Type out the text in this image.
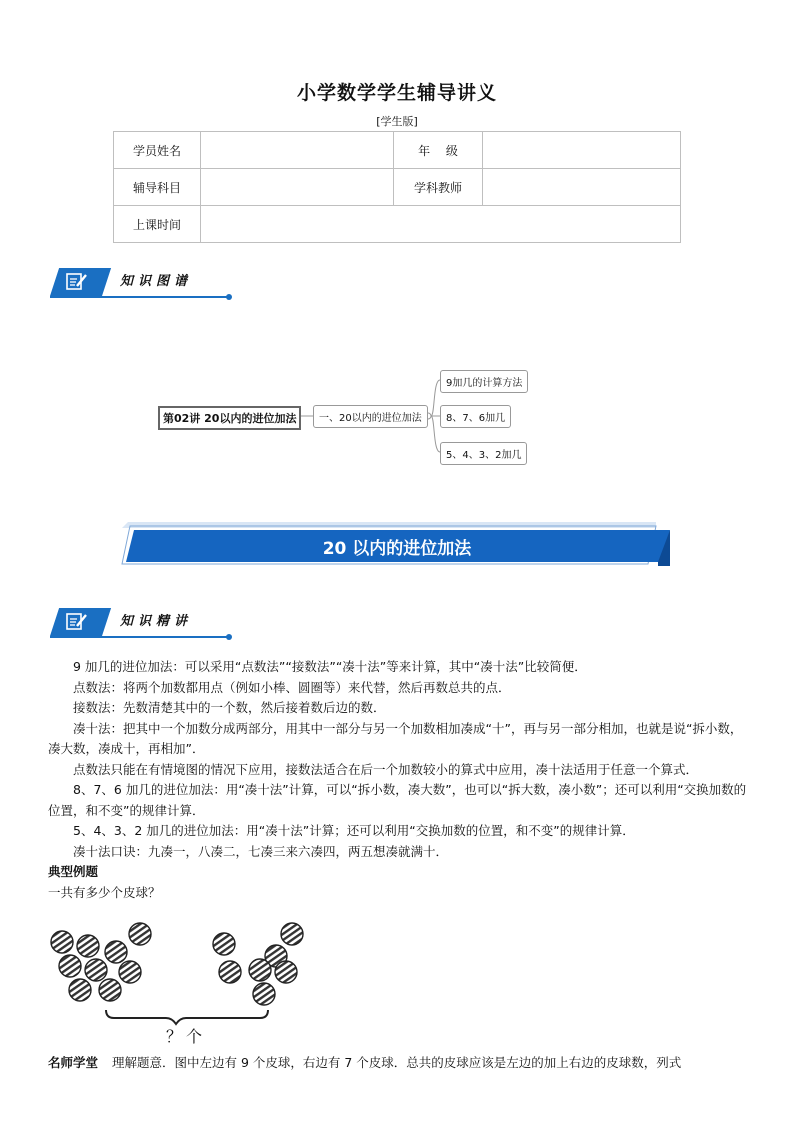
小学数学学生辅导讲义
[学生版]
学员姓名		年　 级	
辅导科目		学科教师	
上课时间			
知识图谱
第02讲 20以内的进位加法	一、20以内的进位加法
9加几的计算方法
8、7、6加几
5、4、3、2加几
20 以内的进位加法
知识精讲

9 加几的进位加法：可以采用“点数法”“接数法”“凑十法”等来计算，其中“凑十法”比较简便．

点数法：将两个加数都用点（例如小棒、圆圈等）来代替，然后再数总共的点．

接数法：先数清楚其中的一个数，然后接着数后边的数．

凑十法：把其中一个加数分成两部分，用其中一部分与另一个加数相加凑成“十”，再与另一部分相加，也就是说“拆小数，凑大数，凑成十，再相加”．

点数法只能在有情境图的情况下应用，接数法适合在后一个加数较小的算式中应用，凑十法适用于任意一个算式．

8、7、6 加几的进位加法：用“凑十法”计算，可以“拆小数，凑大数”，也可以“拆大数，凑小数”；还可以利用“交换加数的位置，和不变”的规律计算．

5、4、3、2 加几的进位加法：用“凑十法”计算；还可以利用“交换加数的位置，和不变”的规律计算．

凑十法口诀：九凑一，八凑二，七凑三来六凑四，两五想凑就满十．

典型例题

一共有多少个皮球？

？个
名师学堂 理解题意．图中左边有 9 个皮球，右边有 7 个皮球．总共的皮球应该是左边的加上右边的皮球数，列式
